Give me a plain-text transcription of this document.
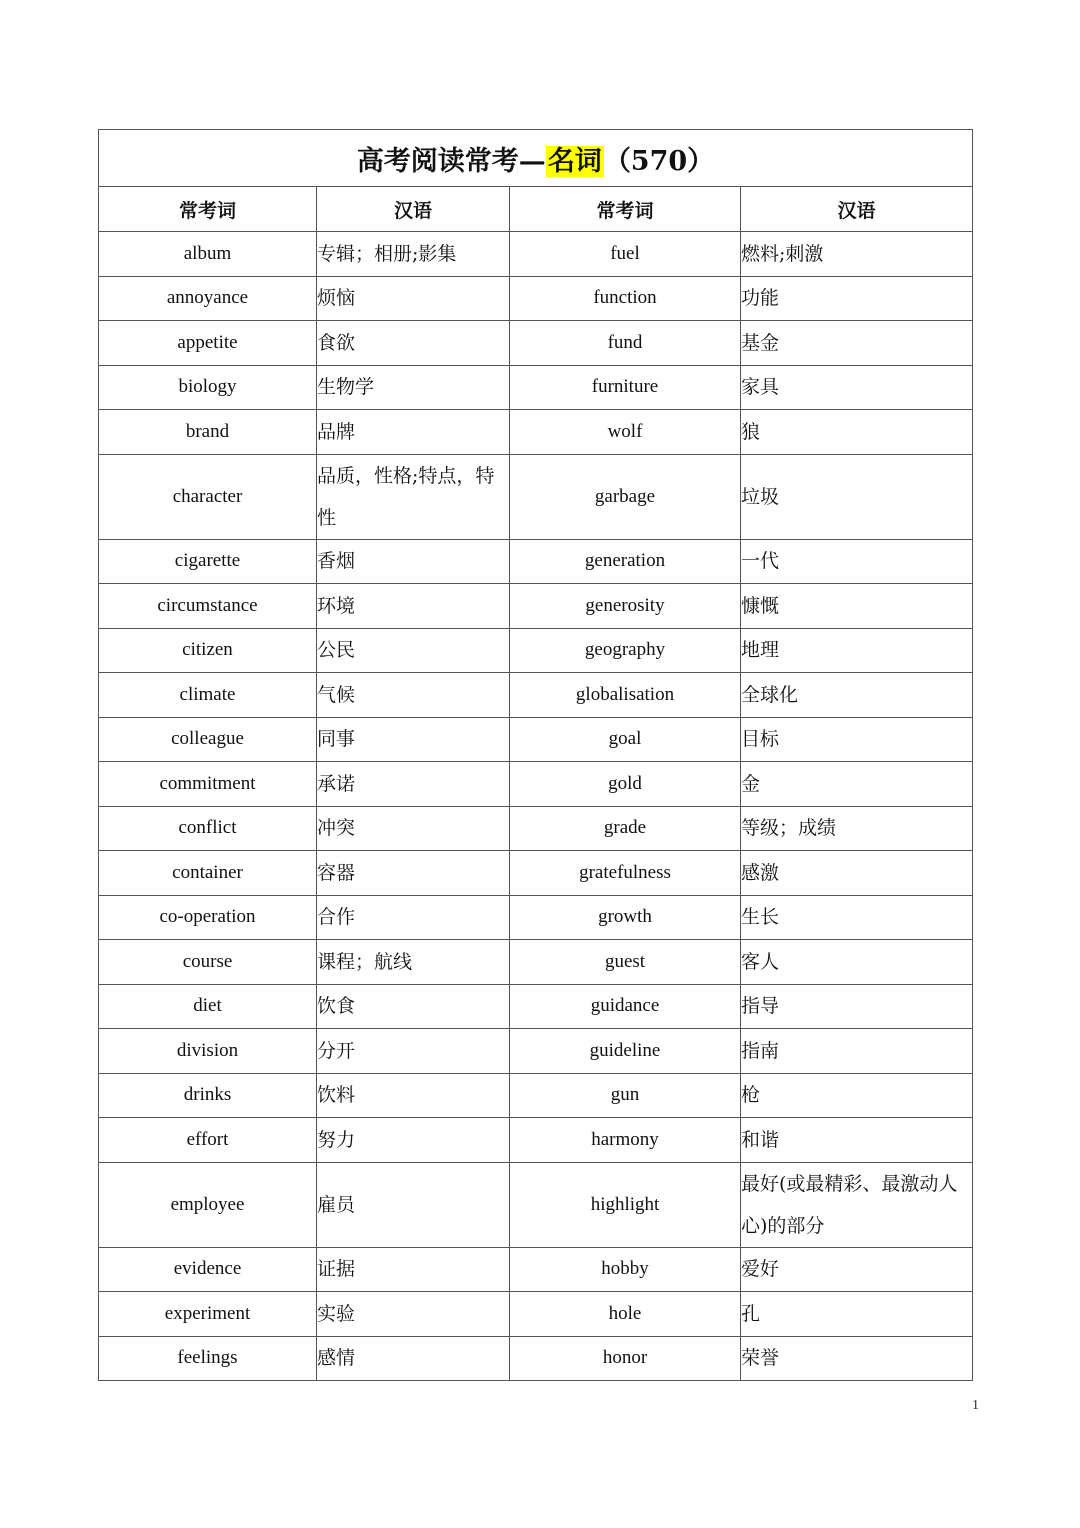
高考阅读常考—名词（570）			
常考词	汉语	常考词	汉语
album	专辑；相册;影集	fuel	燃料;刺激
annoyance	烦恼	function	功能
appetite	食欲	fund	基金
biology	生物学	furniture	家具
brand	品牌	wolf	狼
character	品质，性格;特点，特性	garbage	垃圾
cigarette	香烟	generation	一代
circumstance	环境	generosity	慷慨
citizen	公民	geography	地理
climate	气候	globalisation	全球化
colleague	同事	goal	目标
commitment	承诺	gold	金
conflict	冲突	grade	等级；成绩
container	容器	gratefulness	感激
co-operation	合作	growth	生长
course	课程；航线	guest	客人
diet	饮食	guidance	指导
division	分开	guideline	指南
drinks	饮料	gun	枪
effort	努力	harmony	和谐
employee	雇员	highlight	最好(或最精彩、最激动人心)的部分
evidence	证据	hobby	爱好
experiment	实验	hole	孔
feelings	感情	honor	荣誉
1
